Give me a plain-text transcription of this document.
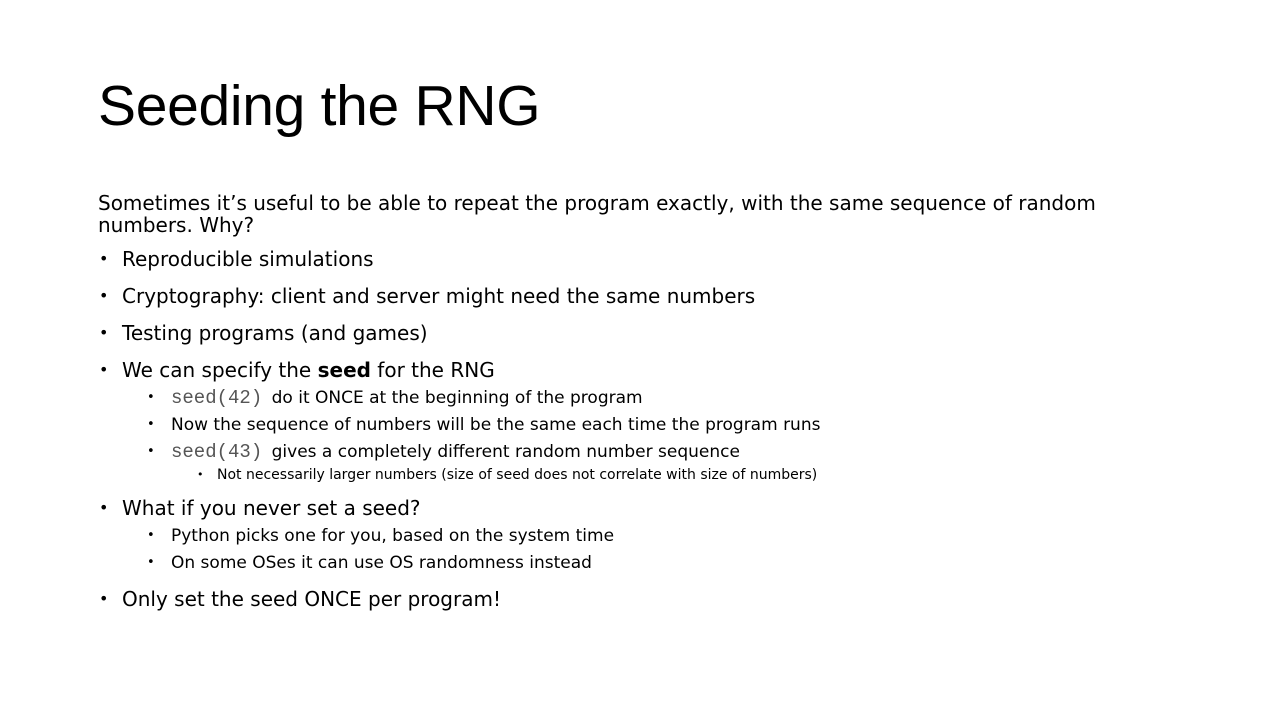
Seeding the RNG

Sometimes it’s useful to be able to repeat the program exactly, with the same sequence of random numbers. Why?

• Reproducible simulations
• Cryptography: client and server might need the same numbers
• Testing programs (and games)
• We can specify the seed for the RNG
• seed(42) do it ONCE at the beginning of the program
• Now the sequence of numbers will be the same each time the program runs
• seed(43) gives a completely different random number sequence
• Not necessarily larger numbers (size of seed does not correlate with size of numbers)
• What if you never set a seed?
• Python picks one for you, based on the system time
• On some OSes it can use OS randomness instead
• Only set the seed ONCE per program!
